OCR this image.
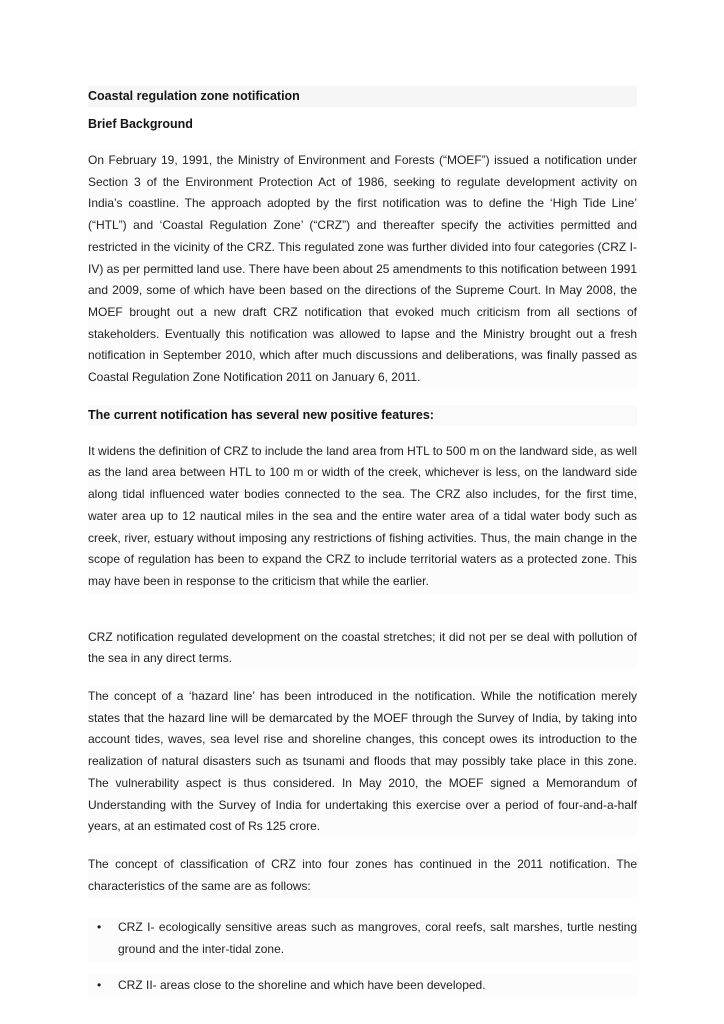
Coastal regulation zone notification
Brief Background

On February 19, 1991, the Ministry of Environment and Forests (“MOEF”) issued a notification under Section 3 of the Environment Protection Act of 1986, seeking to regulate development activity on India’s coastline. The approach adopted by the first notification was to define the ‘High Tide Line’ (“HTL”) and ‘Coastal Regulation Zone’ (“CRZ”) and thereafter specify the activities permitted and restricted in the vicinity of the CRZ. This regulated zone was further divided into four categories (CRZ I-IV) as per permitted land use. There have been about 25 amendments to this notification between 1991 and 2009, some of which have been based on the directions of the Supreme Court. In May 2008, the MOEF brought out a new draft CRZ notification that evoked much criticism from all sections of stakeholders. Eventually this notification was allowed to lapse and the Ministry brought out a fresh notification in September 2010, which after much discussions and deliberations, was finally passed as Coastal Regulation Zone Notification 2011 on January 6, 2011.

The current notification has several new positive features:

It widens the definition of CRZ to include the land area from HTL to 500 m on the landward side, as well as the land area between HTL to 100 m or width of the creek, whichever is less, on the landward side along tidal influenced water bodies connected to the sea. The CRZ also includes, for the first time, water area up to 12 nautical miles in the sea and the entire water area of a tidal water body such as creek, river, estuary without imposing any restrictions of fishing activities. Thus, the main change in the scope of regulation has been to expand the CRZ to include territorial waters as a protected zone. This may have been in response to the criticism that while the earlier.

CRZ notification regulated development on the coastal stretches; it did not per se deal with pollution of the sea in any direct terms.

The concept of a ‘hazard line’ has been introduced in the notification. While the notification merely states that the hazard line will be demarcated by the MOEF through the Survey of India, by taking into account tides, waves, sea level rise and shoreline changes, this concept owes its introduction to the realization of natural disasters such as tsunami and floods that may possibly take place in this zone. The vulnerability aspect is thus considered. In May 2010, the MOEF signed a Memorandum of Understanding with the Survey of India for undertaking this exercise over a period of four-and-a-half years, at an estimated cost of Rs 125 crore.

The concept of classification of CRZ into four zones has continued in the 2011 notification. The characteristics of the same are as follows:

• CRZ I- ecologically sensitive areas such as mangroves, coral reefs, salt marshes, turtle nesting ground and the inter-tidal zone.
• CRZ II- areas close to the shoreline and which have been developed.
